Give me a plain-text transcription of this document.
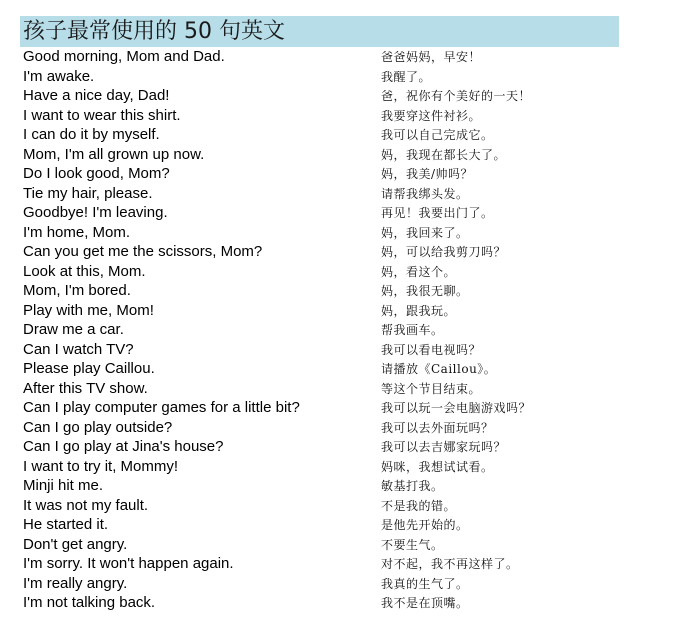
孩子最常使用的 50 句英文
Good morning, Mom and Dad.	爸爸妈妈，早安！
I'm awake.	我醒了。
Have a nice day, Dad!	爸，祝你有个美好的一天！
I want to wear this shirt.	我要穿这件衬衫。
I can do it by myself.	我可以自己完成它。
Mom, I'm all grown up now.	妈，我现在都长大了。
Do I look good, Mom?	妈，我美/帅吗？
Tie my hair, please.	请帮我绑头发。
Goodbye! I'm leaving.	再见！我要出门了。
I'm home, Mom.	妈，我回来了。
Can you get me the scissors, Mom?	妈，可以给我剪刀吗？
Look at this, Mom.	妈，看这个。
Mom, I'm bored.	妈，我很无聊。
Play with me, Mom!	妈，跟我玩。
Draw me a car.	帮我画车。
Can I watch TV?	我可以看电视吗？
Please play Caillou.	请播放《Caillou》。
After this TV show.	等这个节目结束。
Can I play computer games for a little bit?	我可以玩一会电脑游戏吗？
Can I go play outside?	我可以去外面玩吗？
Can I go play at Jina's house?	我可以去吉娜家玩吗？
I want to try it, Mommy!	妈咪，我想试试看。
Minji hit me.	敏基打我。
It was not my fault.	不是我的错。
He started it.	是他先开始的。
Don't get angry.	不要生气。
I'm sorry. It won't happen again.	对不起，我不再这样了。
I'm really angry.	我真的生气了。
I'm not talking back.	我不是在顶嘴。
